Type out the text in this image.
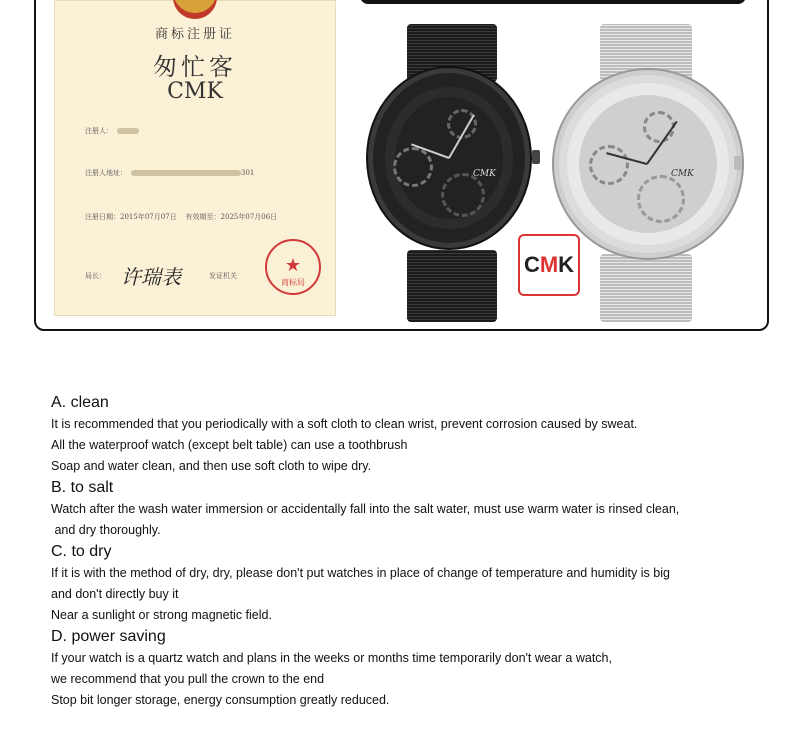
商标注册证
匆忙客
CMK
注册人：
注册人地址：	301
注册日期：2015年07月07日 有效期至：2025年07月06日
局长： 许瑞表	发证机关	★
商标局
CMK	CMK
C M K
A. clean
It is recommended that you periodically with a soft cloth to clean wrist, prevent corrosion caused by sweat.
All the waterproof watch (except belt table) can use a toothbrush
Soap and water clean, and then use soft cloth to wipe dry.
B. to salt
Watch after the wash water immersion or accidentally fall into the salt water, must use warm water is rinsed clean,
and dry thoroughly.
C. to dry
If it is with the method of dry, dry, please don't put watches in place of change of temperature and humidity is big
and don't directly buy it
Near a sunlight or strong magnetic field.
D. power saving
If your watch is a quartz watch and plans in the weeks or months time temporarily don't wear a watch,
we recommend that you pull the crown to the end
Stop bit longer storage, energy consumption greatly reduced.
